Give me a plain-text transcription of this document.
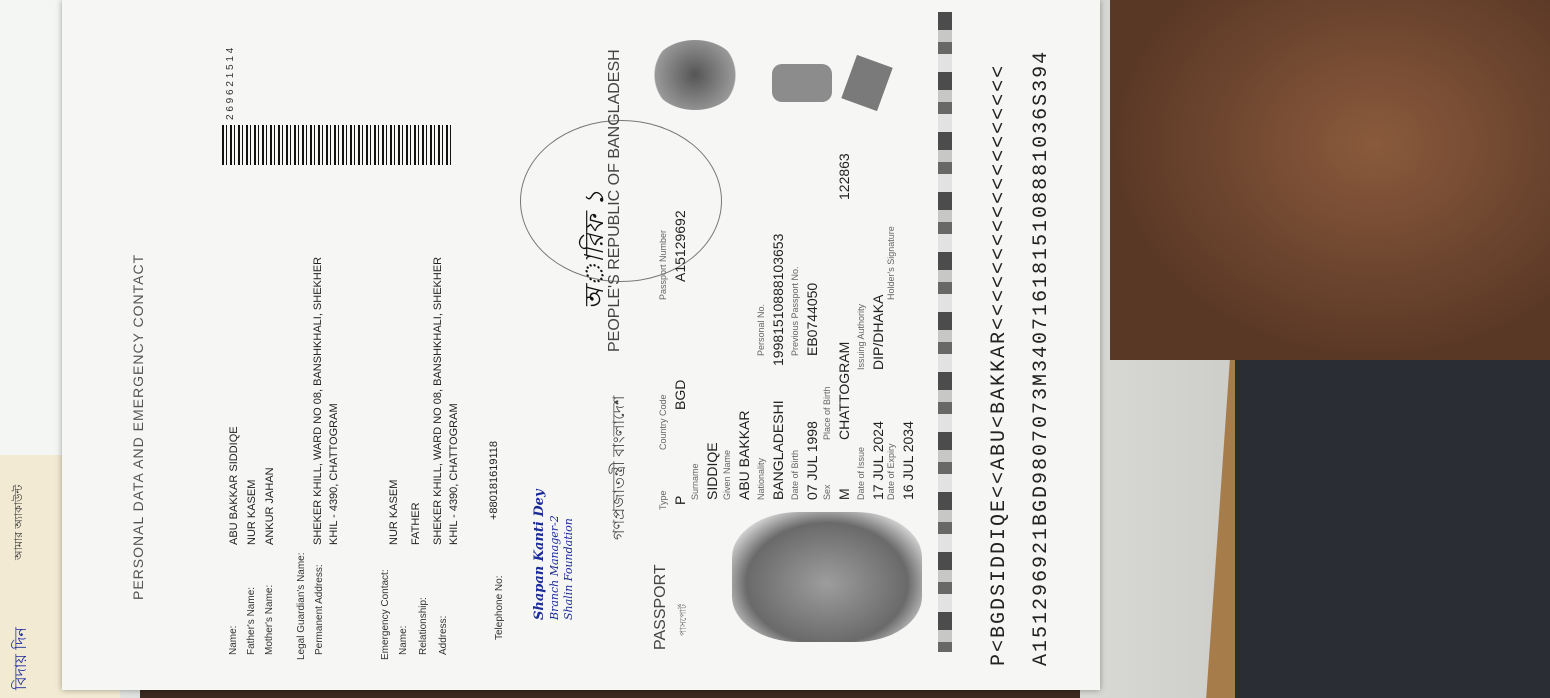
বিদায় দিন
আমার অ্যাকাউন্ট	PERSONAL DATA AND EMERGENCY CONTACT
Name:
ABU BAKKAR SIDDIQE
Father's Name:
NUR KASEM
Mother's Name:
ANKUR JAHAN
Legal Guardian's Name: Permanent Address:
SHEKER KHILL, WARD NO 08, BANSHKHALI, SHEKHER KHIL - 4390, CHATTOGRAM
Emergency Contact:
NUR KASEM
Name: Relationship:
FATHER
Address:
SHEKER KHILL, WARD NO 08, BANSHKHALI, SHEKHER KHIL - 4390, CHATTOGRAM
Telephone No:
+880181619118
2 6 9 6 2 1 5 1 4
Shapan Kanti Dey Branch Manager-2 Shalin Foundation
গণপ্রজাতন্ত্রী বাংলাদেশ
PEOPLE'S REPUBLIC OF BANGLADESH
অারিফ ১
PASSPORT পাসপোর্ট
Type P
Country Code BGD
Passport Number A15129692
Surname SIDDIQE Given Name ABU BAKKAR Nationality BANGLADESHI
Personal No. 19981510888103653
Date of Birth 07 JUL 1998
Previous Passport No. EB0744050
Sex M
Place of Birth CHATTOGRAM
122863
Date of Issue 17 JUL 2024
Issuing Authority DIP/DHAKA
Date of Expiry 16 JUL 2034
Holder's Signature	P<BGDSIDDIQE<<ABU<BAKKAR<<<<<<<<<<<<<<<<<<< A151296921BGD9807073M3407161815108881036S394
